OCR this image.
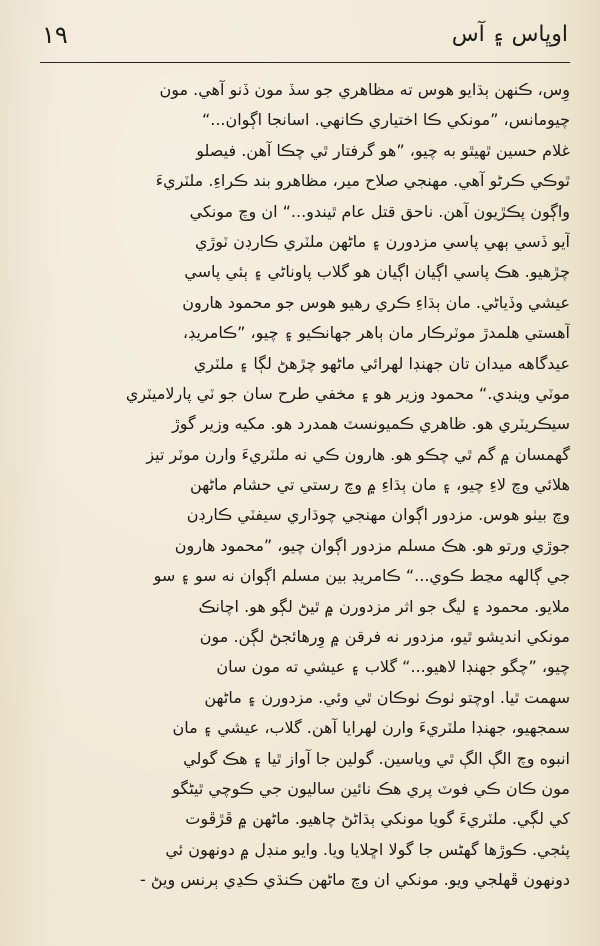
اوڀاس ۽ آس
١٩
وِس، ڪنهن ٻڌايو هوس ته مظاهري جو سڏ مون ڏنو آهي. مون
چيومانس، ”مونکي ڪا اختياري ڪانهي. اسانجا اڳوان...“
غلام حسين ٿهيٿو به چيو، ”هو گرفتار ٿي چڪا آهن. فيصلو
ٿوڪي ڪرڻو آهي. مهنجي صلاح مير، مظاهرو بند ڪراءِ. ملٽريءَ
واڳون پڪڙيون آهن. ناحق قتل عام ٿيندو...“ ان وچ مونکي
آيو ڏسي ٻهي پاسي مزدورن ۽ ماڻهن ملٽري ڪارڊن ٽوڙي
چڙهيو. هڪ پاسي اڳيان اڳيان هو گلاب پاوناڻي ۽ ٻئي پاسي
عيشي وڏياڻي. مان ٻڌاءِ ڪري رهيو هوس جو محمود هارون
آهستي هلمدڙ موٽرڪار مان ٻاهر جهانڪيو ۽ چيو، ”ڪامريڊ،
عيدگاهه ميدان تان جهنڊا لهرائي ماڻهو چڙهڻ لڳا ۽ ملٽري
موٽي ويندي.“ محمود وزير هو ۽ مخفي طرح سان جو ٽي پارلاميٽري
سيڪريٽري هو. ظاهري ڪميونسٽ همدرد هو. مکيه وزير گوڙ
گهمسان ۾ گم ٿي چڪو هو. هارون ڪي نه ملٽريءَ وارن موٽر تيز
هلائي وچ لاءِ چيو، ۽ مان ٻڌاءِ ۾ وچ رستي تي حشام ماڻهن
وچ بيٺو هوس. مزدور اڳوان مهنجي چوڌاري سيفٽي ڪارڊن
جوڙي ورتو هو. هڪ مسلم مزدور اڳوان چيو، ”محمود هارون
جي ڳالهه مڃط ڪوي...“ ڪامريڊ بين مسلم اڳوان نه سو ۽ سو
ملايو. محمود ۽ ليگ جو اثر مزدورن ۾ ٿيڻ لڳو هو. اچانڪ
مونکي انديشو ٿيو، مزدور نه فرقن ۾ وِرهائجڻ لڳن. مون
چيو، ”چگو جهنڊا لاهيو...“ گلاب ۽ عيشي ته مون سان
سهمت ٿيا. اوچتو ٺوڪ ٺوڪان ٿي وئي. مزدورن ۽ ماڻهن
سمجهيو، جهنڊا ملٽريءَ وارن لهرايا آهن. گلاب، عيشي ۽ مان
انبوه وچ الڳ الڳ ٿي وياسين. گولين جا آواز ٿيا ۽ هڪ گولي
مون ڪان ڪي فوٽ پري هڪ نائين ساليون جي ڪوچي ٿيڻگو
کي لڳي. ملٽريءَ گويا مونکي ٻڌاڻڻ چاهيو. ماڻهن ۾ ڦڙڦوت
پئجي. ڪوڙها گهڻس جا گولا اڇلايا ويا. وايو منڊل ۾ دونهون ئي
دونهون ڦهلجي ويو. مونکي ان وچ ماڻهن ڪنڌي ڪڍي ٻرنس ويڻ -
